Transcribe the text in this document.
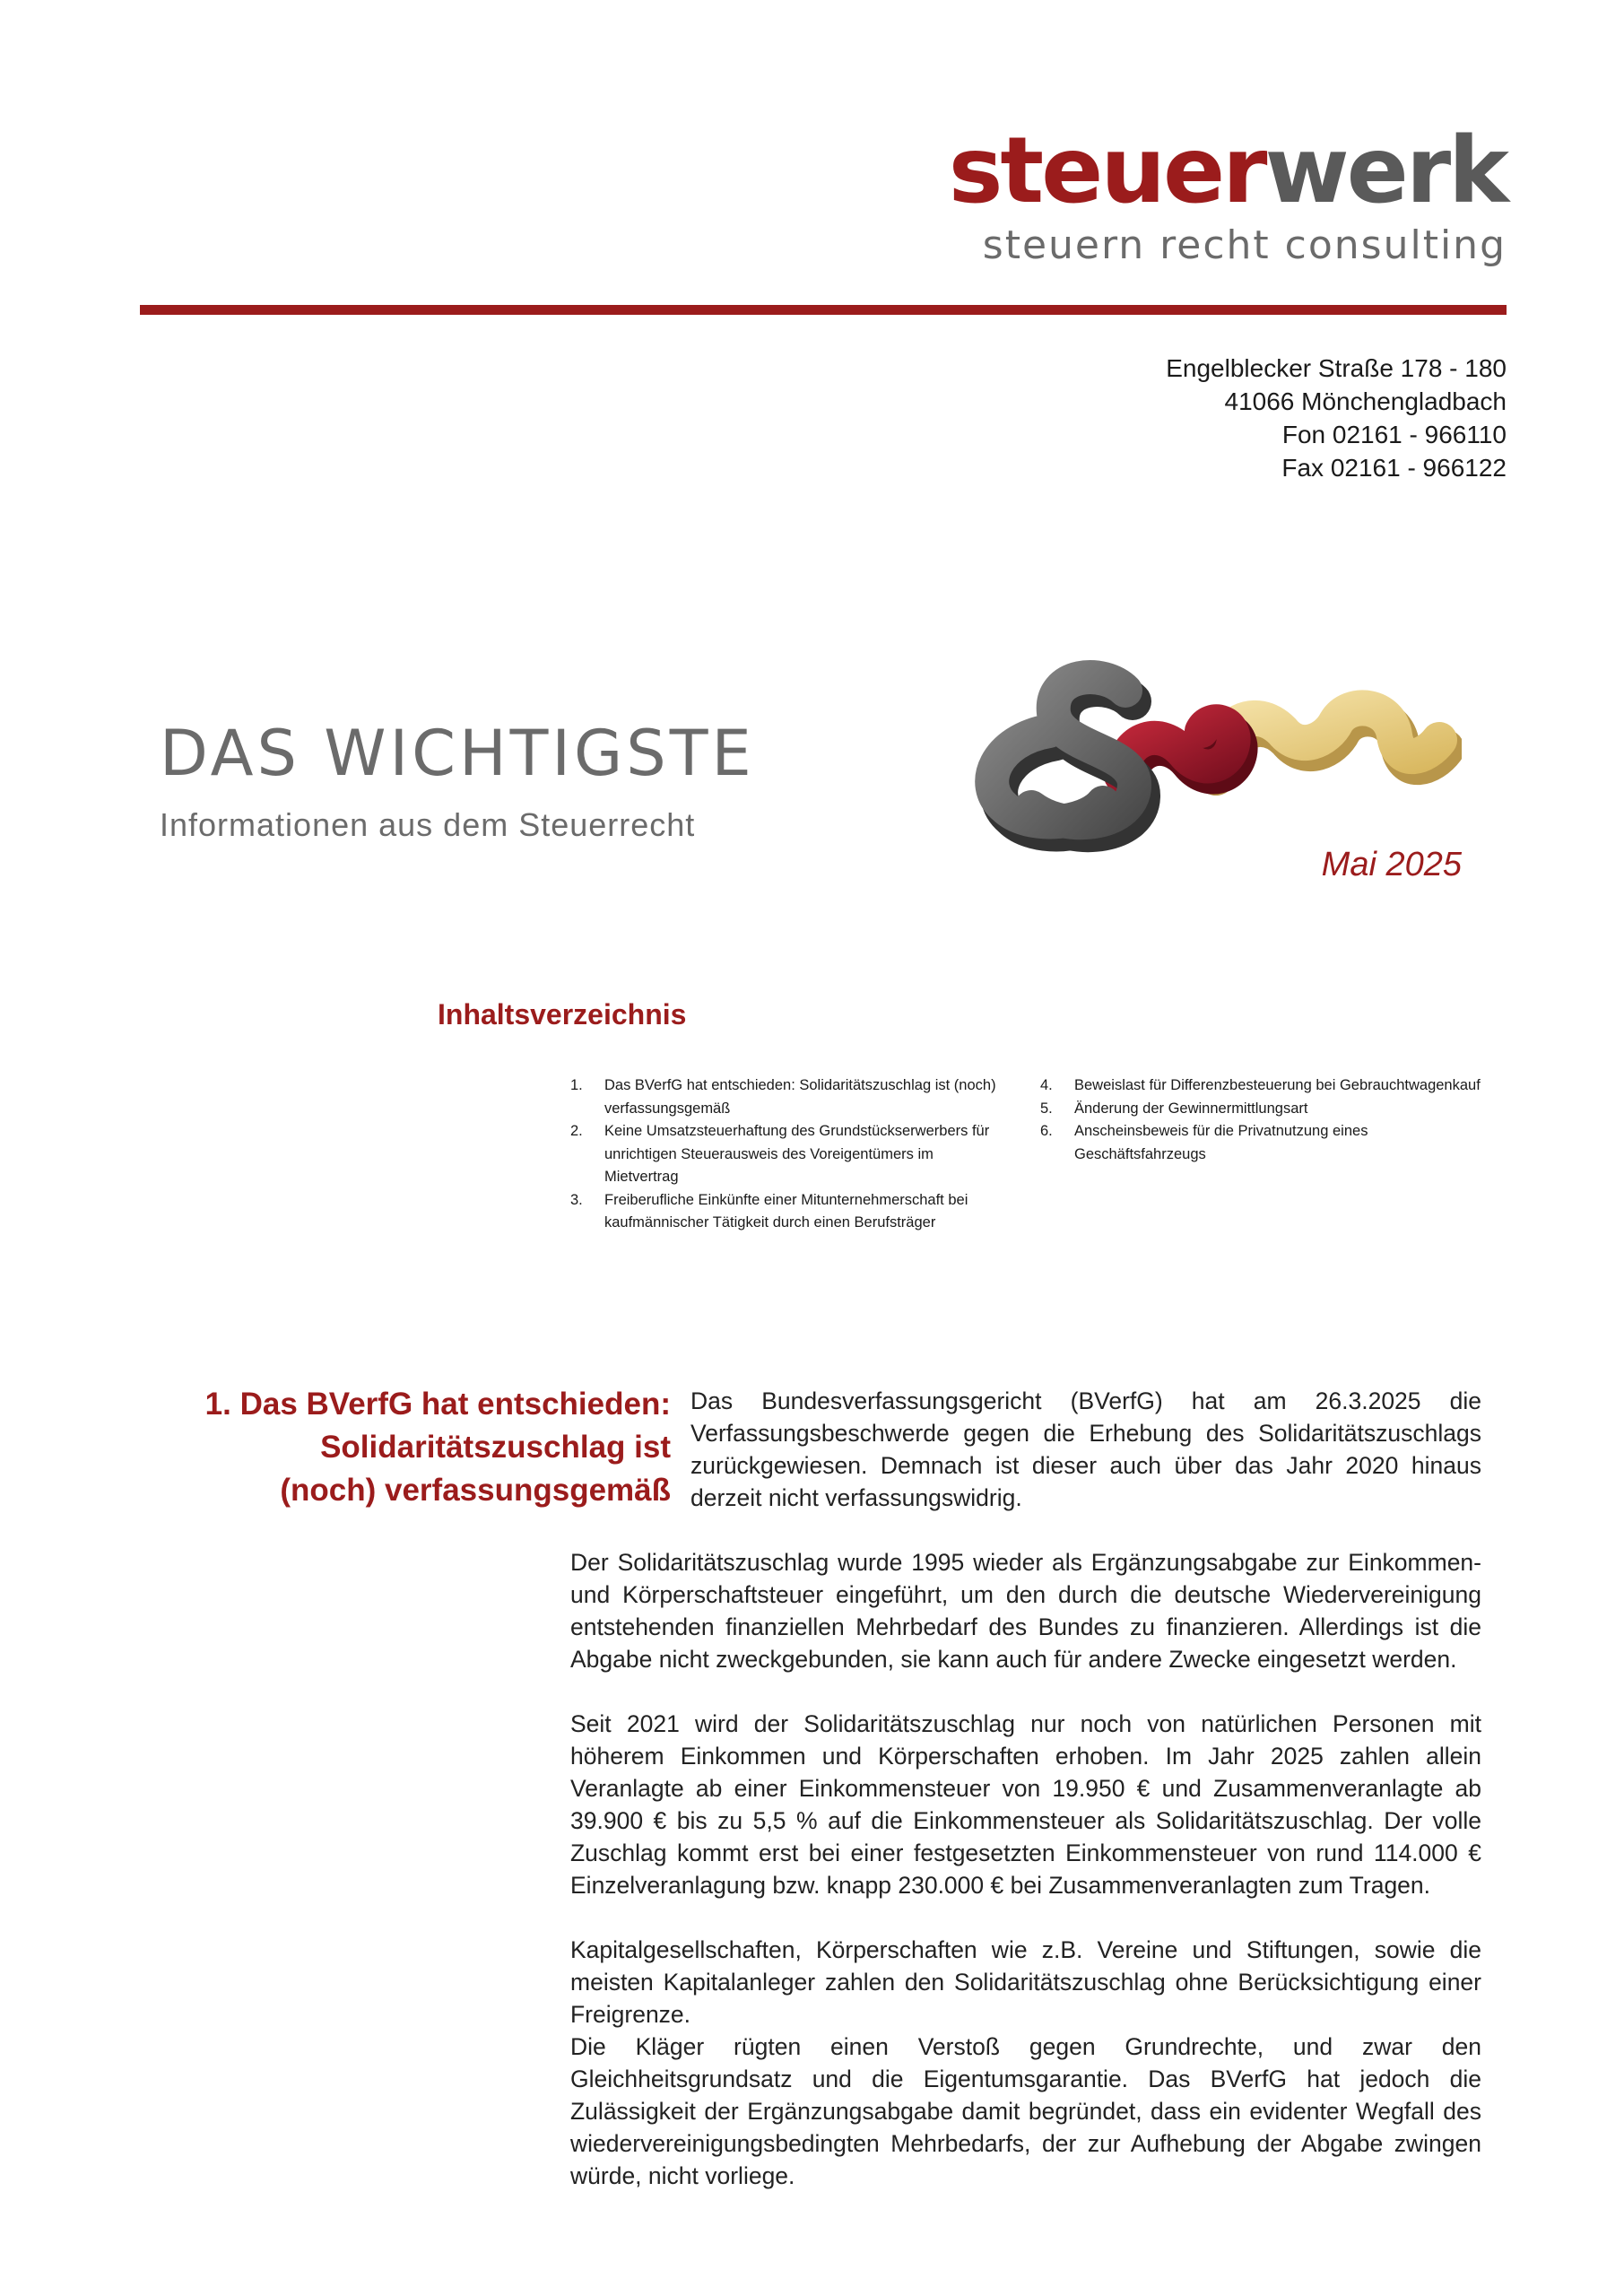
steuerwerk
steuern recht consulting
Engelblecker Straße 178 - 180
41066 Mönchengladbach
Fon 02161 - 966110
Fax 02161 - 966122
DAS WICHTIGSTE
Informationen aus dem Steuerrecht
Mai 2025
Inhaltsverzeichnis
1.	Das BVerfG hat entschieden: Solidaritätszuschlag ist (noch) verfassungsgemäß
2.	Keine Umsatzsteuerhaftung des Grundstückserwerbers für unrichtigen Steuerausweis des Voreigentümers im Mietvertrag
3.	Freiberufliche Einkünfte einer Mitunternehmerschaft bei kaufmännischer Tätigkeit durch einen Berufsträger
4.	Beweislast für Differenzbesteuerung bei Gebrauchtwagenkauf
5.	Änderung der Gewinnermittlungsart
6.	Anscheinsbeweis für die Privatnutzung eines Geschäftsfahrzeugs
1. Das BVerfG hat entschieden:
Solidaritätszuschlag ist
(noch) verfassungsgemäß
Das Bundesverfassungsgericht (BVerfG) hat am 26.3.2025 die Verfassungsbeschwerde gegen die Erhebung des Solidaritätszuschlags zurückgewiesen. Demnach ist dieser auch über das Jahr 2020 hinaus derzeit nicht verfassungswidrig.

Der Solidaritätszuschlag wurde 1995 wieder als Ergänzungsabgabe zur Einkommen- und Körperschaftsteuer eingeführt, um den durch die deutsche Wiedervereinigung entstehenden finanziellen Mehrbedarf des Bundes zu finanzieren. Allerdings ist die Abgabe nicht zweckgebunden, sie kann auch für andere Zwecke eingesetzt werden.

Seit 2021 wird der Solidaritätszuschlag nur noch von natürlichen Personen mit höherem Einkommen und Körperschaften erhoben. Im Jahr 2025 zahlen allein Veranlagte ab einer Einkommensteuer von 19.950 € und Zusammenveranlagte ab 39.900 € bis zu 5,5 % auf die Einkommensteuer als Solidaritätszuschlag. Der volle Zuschlag kommt erst bei einer festgesetzten Einkommensteuer von rund 114.000 € Einzelveranlagung bzw. knapp 230.000 € bei Zusammenveranlagten zum Tragen.

Kapitalgesellschaften, Körperschaften wie z.B. Vereine und Stiftungen, sowie die meisten Kapitalanleger zahlen den Solidaritätszuschlag ohne Berücksichtigung einer Freigrenze.

Die Kläger rügten einen Verstoß gegen Grundrechte, und zwar den Gleichheitsgrundsatz und die Eigentumsgarantie. Das BVerfG hat jedoch die Zulässigkeit der Ergänzungsabgabe damit begründet, dass ein evidenter Wegfall des wiedervereinigungsbedingten Mehrbedarfs, der zur Aufhebung der Abgabe zwingen würde, nicht vorliege.
